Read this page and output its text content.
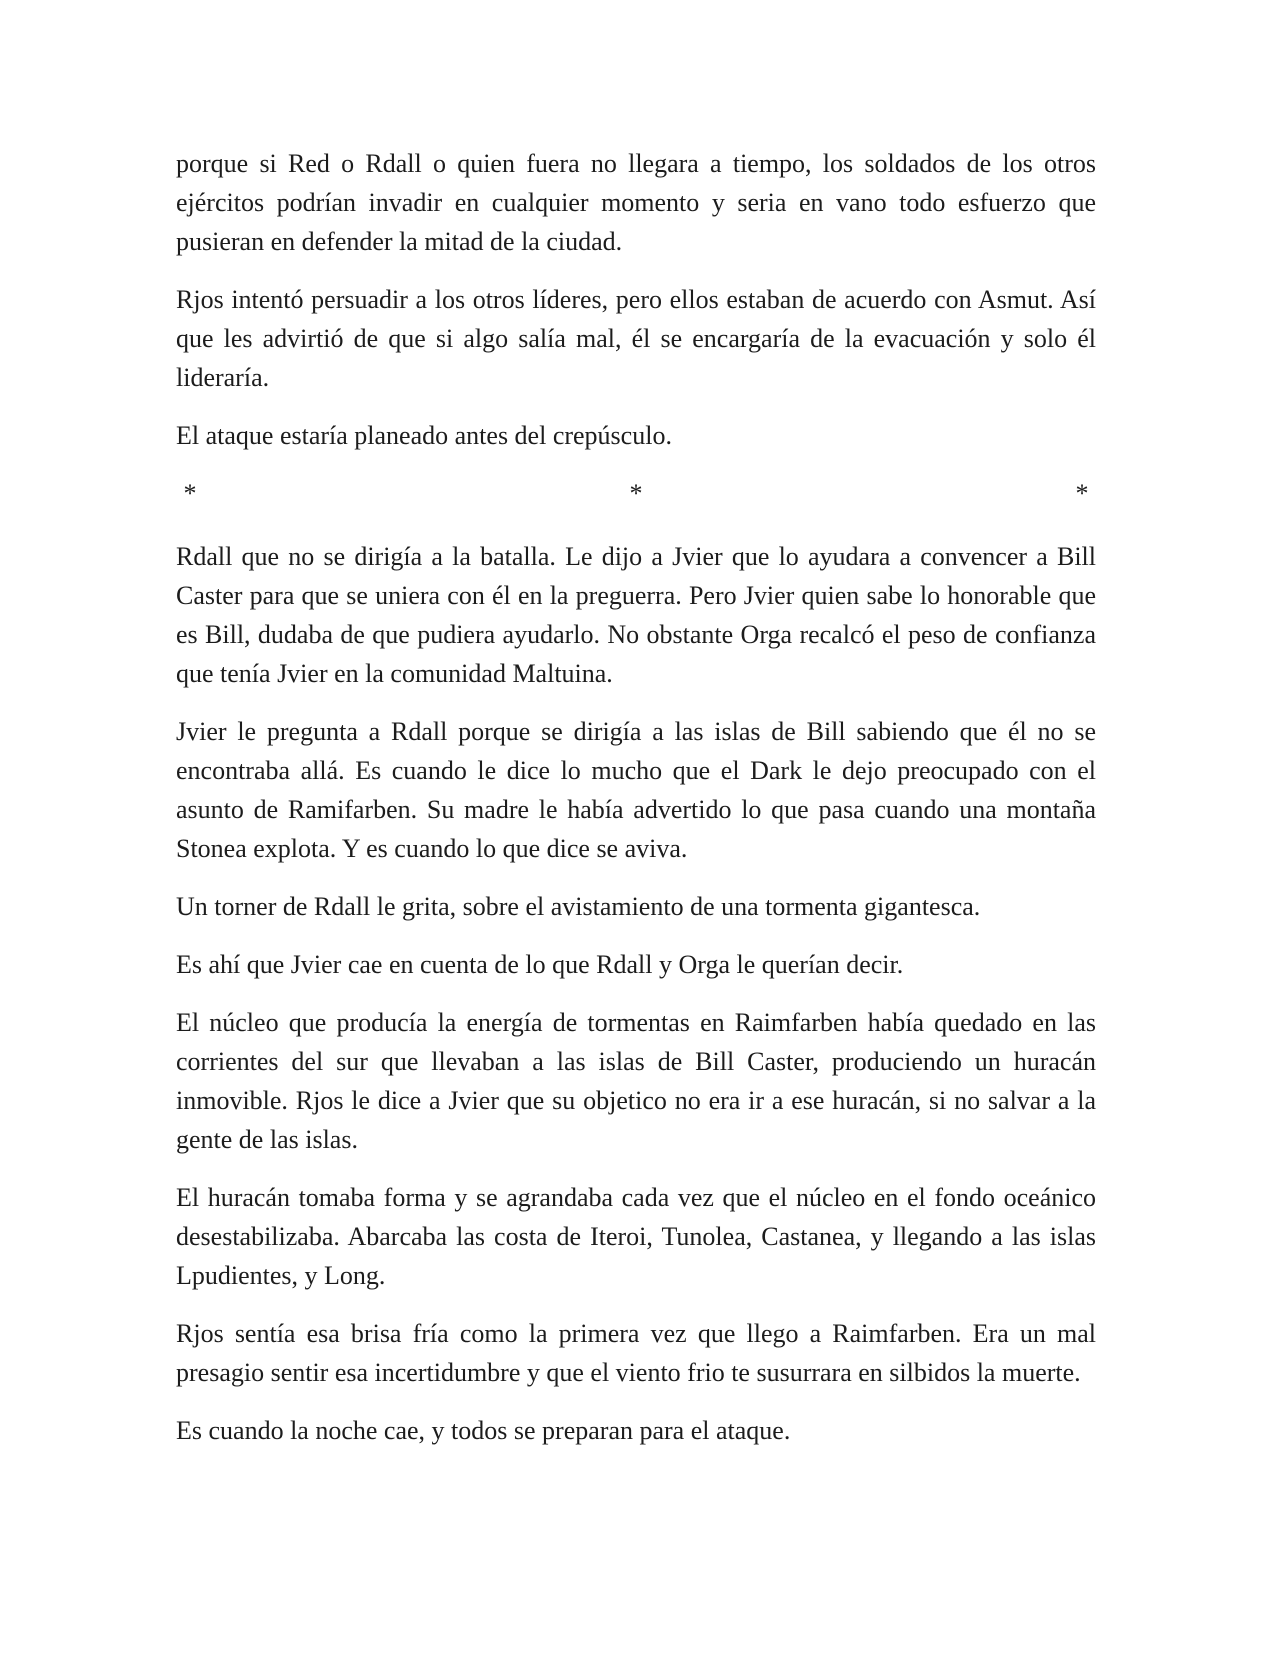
porque si Red o Rdall o quien fuera no llegara a tiempo, los soldados de los otros ejércitos podrían invadir en cualquier momento y seria en vano todo esfuerzo que pusieran en defender la mitad de la ciudad.

Rjos intentó persuadir a los otros líderes, pero ellos estaban de acuerdo con Asmut. Así que les advirtió de que si algo salía mal, él se encargaría de la evacuación y solo él lideraría.

El ataque estaría planeado antes del crepúsculo.

*	*	*

Rdall que no se dirigía a la batalla. Le dijo a Jvier que lo ayudara a convencer a Bill Caster para que se uniera con él en la preguerra. Pero Jvier quien sabe lo honorable que es Bill, dudaba de que pudiera ayudarlo. No obstante Orga recalcó el peso de confianza que tenía Jvier en la comunidad Maltuina.

Jvier le pregunta a Rdall porque se dirigía a las islas de Bill sabiendo que él no se encontraba allá. Es cuando le dice lo mucho que el Dark le dejo preocupado con el asunto de Ramifarben. Su madre le había advertido lo que pasa cuando una montaña Stonea explota. Y es cuando lo que dice se aviva.

Un torner de Rdall le grita, sobre el avistamiento de una tormenta gigantesca.

Es ahí que Jvier cae en cuenta de lo que Rdall y Orga le querían decir.

El núcleo que producía la energía de tormentas en Raimfarben había quedado en las corrientes del sur que llevaban a las islas de Bill Caster, produciendo un huracán inmovible. Rjos le dice a Jvier que su objetico no era ir a ese huracán, si no salvar a la gente de las islas.

El huracán tomaba forma y se agrandaba cada vez que el núcleo en el fondo oceánico desestabilizaba. Abarcaba las costa de Iteroi, Tunolea, Castanea, y llegando a las islas Lpudientes, y Long.

Rjos sentía esa brisa fría como la primera vez que llego a Raimfarben. Era un mal presagio sentir esa incertidumbre y que el viento frio te susurrara en silbidos la muerte.

Es cuando la noche cae, y todos se preparan para el ataque.
